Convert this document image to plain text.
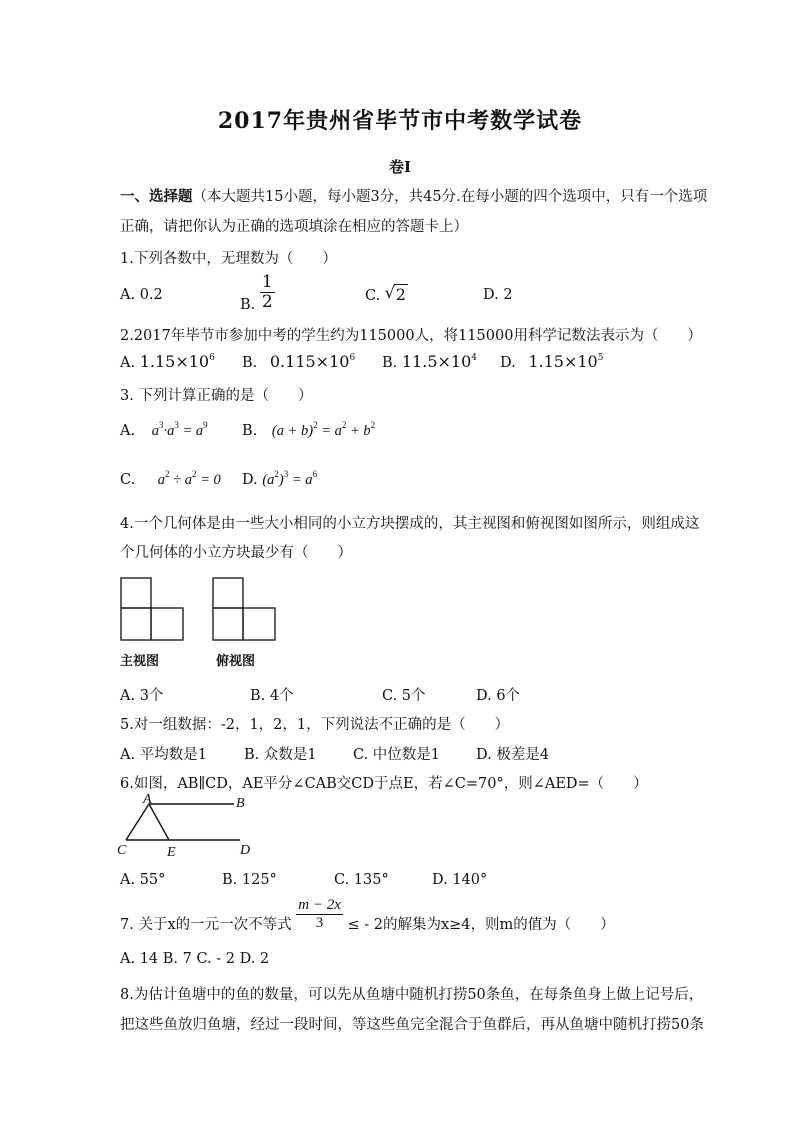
2017年贵州省毕节市中考数学试卷
卷I
一、选择题（本大题共15小题，每小题3分，共45分.在每小题的四个选项中，只有一个选项
正确，请把你认为正确的选项填涂在相应的答题卡上）
1.下列各数中，无理数为（　　）
A. 0.2
B. $\frac{1}{2}$	C. √ 2	D. 2
2.2017年毕节市参加中考的学生约为115000人，将115000用科学记数法表示为（　　）
A. $1.15\times 10^6$ B. $0.115\times 10^6$ B. $11.5\times 10^4$ D. $1.15\times 10^5$
3. 下列计算正确的是（　　）
A. $a^3\cdot a^3 = a^9$ B. $(a + b)^2 = a^2 + b^2$
C. $a^2 \div a^2 = 0$ D. $(a^2)^3 = a^6$
4.一个几何体是由一些大小相同的小立方块摆成的，其主视图和俯视图如图所示，则组成这
个几何体的小立方块最少有（　　）
主视图	俯视图
A. 3个	B. 4个	C. 5个	D. 6个
5.对一组数据：-2，1，2，1，下列说法不正确的是（　　）
A. 平均数是1	B. 众数是1	C. 中位数是1 D. 极差是4
6.如图，AB∥CD，AE平分∠CAB交CD于点E，若∠C=70°，则∠AED=（　　）
A	B
C	E	D
A. 55°	B. 125°	C. 135°	D. 140°
7. 关于x的一元一次不等式 $\frac{m - 2x}{3}$ ≤ - 2的解集为x≥4，则m的值为（　　）
A. 14 B. 7 C. - 2 D. 2
8.为估计鱼塘中的鱼的数量，可以先从鱼塘中随机打捞50条鱼，在每条鱼身上做上记号后，
把这些鱼放归鱼塘，经过一段时间，等这些鱼完全混合于鱼群后，再从鱼塘中随机打捞50条
